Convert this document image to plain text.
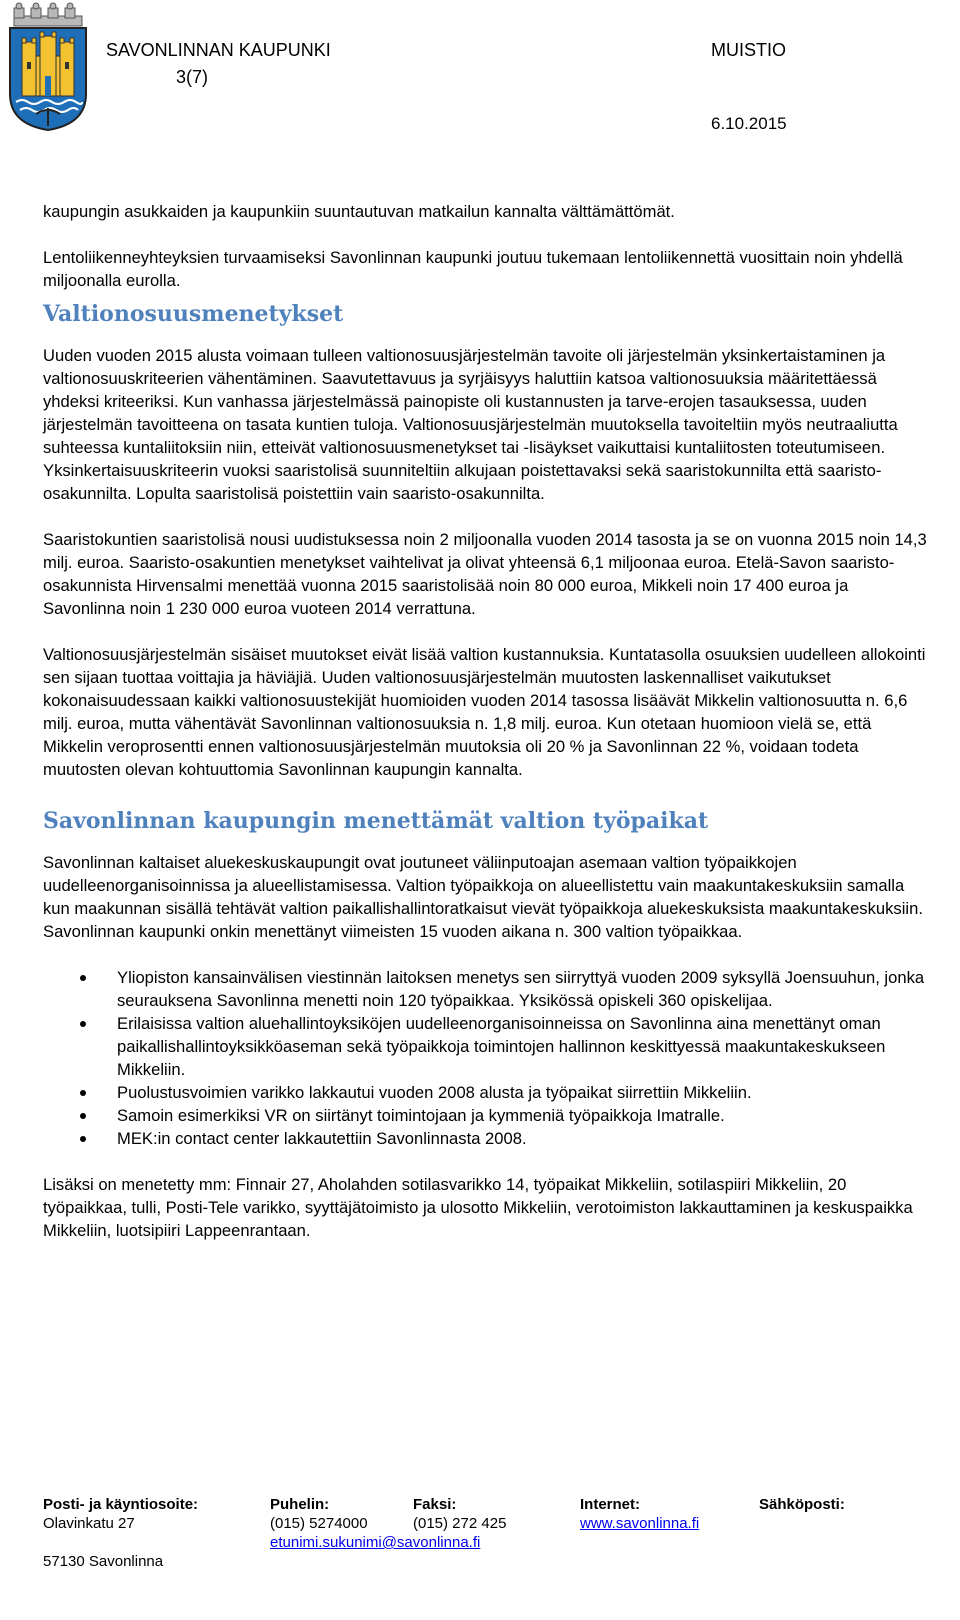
SAVONLINNAN KAUPUNKI
3(7)
MUISTIO
6.10.2015

kaupungin asukkaiden ja kaupunkiin suuntautuvan matkailun kannalta välttämättömät.

Lentoliikenneyhteyksien turvaamiseksi Savonlinnan kaupunki joutuu tukemaan lentoliikennettä vuosittain noin yhdellä miljoonalla eurolla.

Valtionosuusmenetykset

Uuden vuoden 2015 alusta voimaan tulleen valtionosuusjärjestelmän tavoite oli järjestelmän yksinkertaistaminen ja valtionosuuskriteerien vähentäminen. Saavutettavuus ja syrjäisyys haluttiin katsoa valtionosuuksia määritettäessä yhdeksi kriteeriksi. Kun vanhassa järjestelmässä painopiste oli kustannusten ja tarve-erojen tasauksessa, uuden järjestelmän tavoitteena on tasata kuntien tuloja. Valtionosuusjärjestelmän muutoksella tavoiteltiin myös neutraaliutta suhteessa kuntaliitoksiin niin, etteivät valtionosuusmenetykset tai -lisäykset vaikuttaisi kuntaliitosten toteutumiseen. Yksinkertaisuuskriteerin vuoksi saaristolisä suunniteltiin alkujaan poistettavaksi sekä saaristokunnilta että saaristo-osakunnilta. Lopulta saaristolisä poistettiin vain saaristo-osakunnilta.

Saaristokuntien saaristolisä nousi uudistuksessa noin 2 miljoonalla vuoden 2014 tasosta ja se on vuonna 2015 noin 14,3 milj. euroa. Saaristo-osakuntien menetykset vaihtelivat ja olivat yhteensä 6,1 miljoonaa euroa. Etelä-Savon saaristo-osakunnista Hirvensalmi menettää vuonna 2015 saaristolisää noin 80 000 euroa, Mikkeli noin 17 400 euroa ja Savonlinna noin 1 230 000 euroa vuoteen 2014 verrattuna.

Valtionosuusjärjestelmän sisäiset muutokset eivät lisää valtion kustannuksia. Kuntatasolla osuuksien uudelleen allokointi sen sijaan tuottaa voittajia ja häviäjiä. Uuden valtionosuusjärjestelmän muutosten laskennalliset vaikutukset kokonaisuudessaan kaikki valtionosuustekijät huomioiden vuoden 2014 tasossa lisäävät Mikkelin valtionosuutta n. 6,6 milj. euroa, mutta vähentävät Savonlinnan valtionosuuksia n. 1,8 milj. euroa. Kun otetaan huomioon vielä se, että Mikkelin veroprosentti ennen valtionosuusjärjestelmän muutoksia oli 20 % ja Savonlinnan 22 %, voidaan todeta muutosten olevan kohtuuttomia Savonlinnan kaupungin kannalta.

Savonlinnan kaupungin menettämät valtion työpaikat

Savonlinnan kaltaiset aluekeskuskaupungit ovat joutuneet väliinputoajan asemaan valtion työpaikkojen uudelleenorganisoinnissa ja alueellistamisessa. Valtion työpaikkoja on alueellistettu vain maakuntakeskuksiin samalla kun maakunnan sisällä tehtävät valtion paikallishallintoratkaisut vievät työpaikkoja aluekeskuksista maakuntakeskuksiin. Savonlinnan kaupunki onkin menettänyt viimeisten 15 vuoden aikana n. 300 valtion työpaikkaa.

Yliopiston kansainvälisen viestinnän laitoksen menetys sen siirryttyä vuoden 2009 syksyllä Joensuuhun, jonka seurauksena Savonlinna menetti noin 120 työpaikkaa. Yksikössä opiskeli 360 opiskelijaa.
Erilaisissa valtion aluehallintoyksiköjen uudelleenorganisoinneissa on Savonlinna aina menettänyt oman paikallishallintoyksikköaseman sekä työpaikkoja toimintojen hallinnon keskittyessä maakuntakeskukseen Mikkeliin.
Puolustusvoimien varikko lakkautui vuoden 2008 alusta ja työpaikat siirrettiin Mikkeliin.
Samoin esimerkiksi VR on siirtänyt toimintojaan ja kymmeniä työpaikkoja Imatralle.
MEK:in contact center lakkautettiin Savonlinnasta 2008.

Lisäksi on menetetty mm: Finnair 27, Aholahden sotilasvarikko 14, työpaikat Mikkeliin, sotilaspiiri Mikkeliin, 20 työpaikkaa, tulli, Posti-Tele varikko, syyttäjätoimisto ja ulosotto Mikkeliin, verotoimiston lakkauttaminen ja keskuspaikka Mikkeliin, luotsipiiri Lappeenrantaan.

Posti- ja käyntiosoite:
Olavinkatu 27

57130 Savonlinna
Puhelin:
(015) 5274000
etunimi.sukunimi@savonlinna.fi
Faksi:
(015) 272 425
Internet:
www.savonlinna.fi
Sähköposti:
